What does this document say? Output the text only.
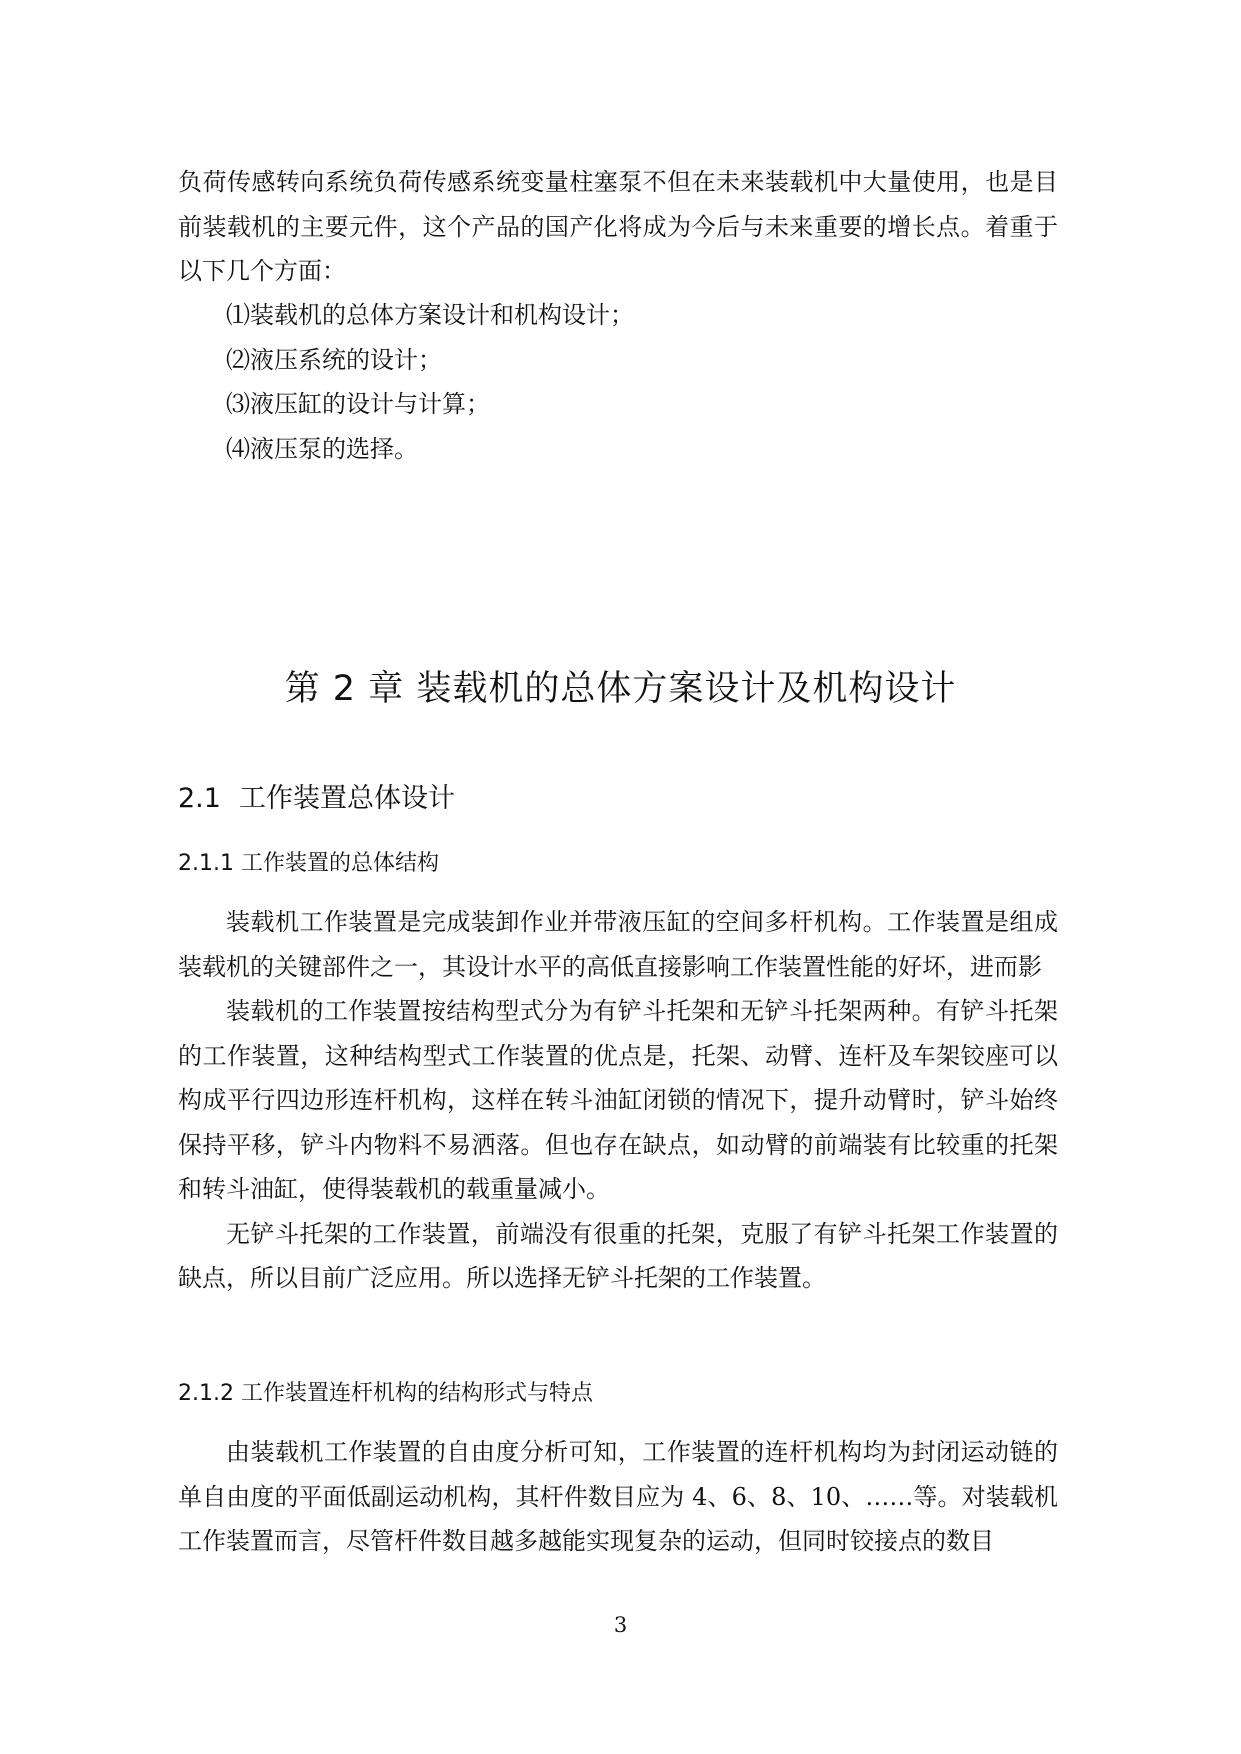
负荷传感转向系统负荷传感系统变量柱塞泵不但在未来装载机中大量使用，也是目前装载机的主要元件，这个产品的国产化将成为今后与未来重要的增长点。着重于以下几个方面：

⑴装载机的总体方案设计和机构设计；
⑵液压系统的设计；
⑶液压缸的设计与计算；
⑷液压泵的选择。
第 2 章 装载机的总体方案设计及机构设计
2.1 工作装置总体设计
2.1.1 工作装置的总体结构

装载机工作装置是完成装卸作业并带液压缸的空间多杆机构。工作装置是组成装载机的关键部件之一，其设计水平的高低直接影响工作装置性能的好坏，进而影

装载机的工作装置按结构型式分为有铲斗托架和无铲斗托架两种。有铲斗托架的工作装置，这种结构型式工作装置的优点是，托架、动臂、连杆及车架铰座可以构成平行四边形连杆机构，这样在转斗油缸闭锁的情况下，提升动臂时，铲斗始终保持平移，铲斗内物料不易洒落。但也存在缺点，如动臂的前端装有比较重的托架和转斗油缸，使得装载机的载重量减小。

无铲斗托架的工作装置，前端没有很重的托架，克服了有铲斗托架工作装置的缺点，所以目前广泛应用。所以选择无铲斗托架的工作装置。

2.1.2 工作装置连杆机构的结构形式与特点

由装载机工作装置的自由度分析可知，工作装置的连杆机构均为封闭运动链的单自由度的平面低副运动机构，其杆件数目应为 4、6、8、10、……等。对装载机工作装置而言，尽管杆件数目越多越能实现复杂的运动，但同时铰接点的数目

3
